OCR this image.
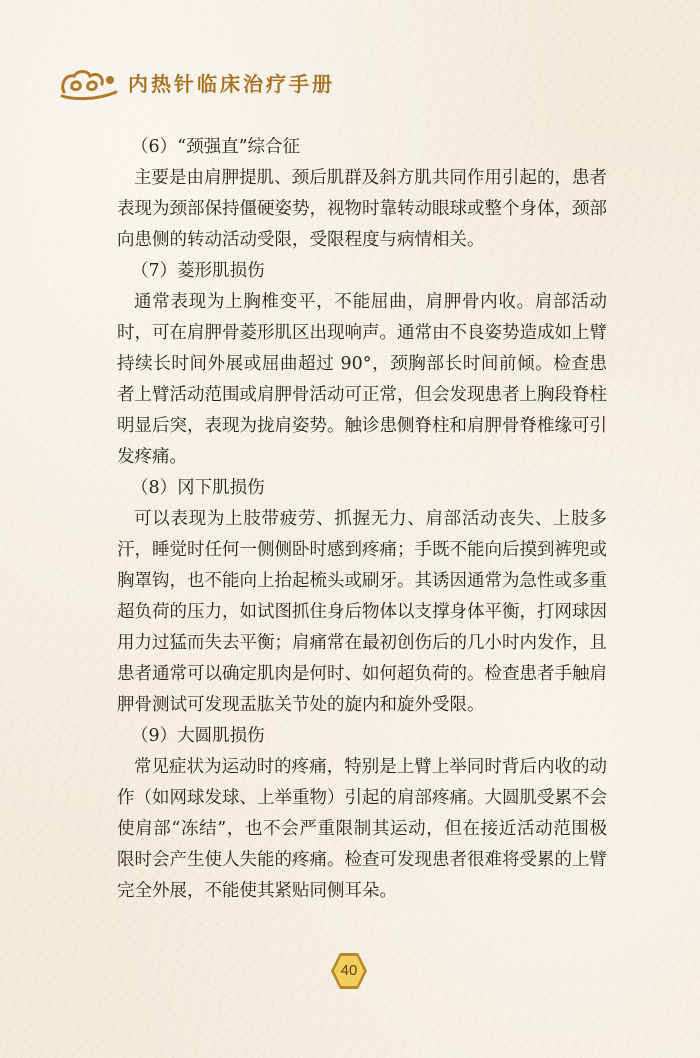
内热针临床治疗手册

（6）“颈强直”综合征

主要是由肩胛提肌、颈后肌群及斜方肌共同作用引起的，患者表现为颈部保持僵硬姿势，视物时靠转动眼球或整个身体，颈部向患侧的转动活动受限，受限程度与病情相关。

（7）菱形肌损伤

通常表现为上胸椎变平，不能屈曲，肩胛骨内收。肩部活动时，可在肩胛骨菱形肌区出现响声。通常由不良姿势造成如上臂持续长时间外展或屈曲超过 90°，颈胸部长时间前倾。检查患者上臂活动范围或肩胛骨活动可正常，但会发现患者上胸段脊柱明显后突，表现为拢肩姿势。触诊患侧脊柱和肩胛骨脊椎缘可引发疼痛。

（8）冈下肌损伤

可以表现为上肢带疲劳、抓握无力、肩部活动丧失、上肢多汗，睡觉时任何一侧侧卧时感到疼痛；手既不能向后摸到裤兜或胸罩钩，也不能向上抬起梳头或刷牙。其诱因通常为急性或多重超负荷的压力，如试图抓住身后物体以支撑身体平衡，打网球因用力过猛而失去平衡；肩痛常在最初创伤后的几小时内发作，且患者通常可以确定肌肉是何时、如何超负荷的。检查患者手触肩胛骨测试可发现盂肱关节处的旋内和旋外受限。

（9）大圆肌损伤

常见症状为运动时的疼痛，特别是上臂上举同时背后内收的动作（如网球发球、上举重物）引起的肩部疼痛。大圆肌受累不会使肩部“冻结”，也不会严重限制其运动，但在接近活动范围极限时会产生使人失能的疼痛。检查可发现患者很难将受累的上臂完全外展，不能使其紧贴同侧耳朵。

40
